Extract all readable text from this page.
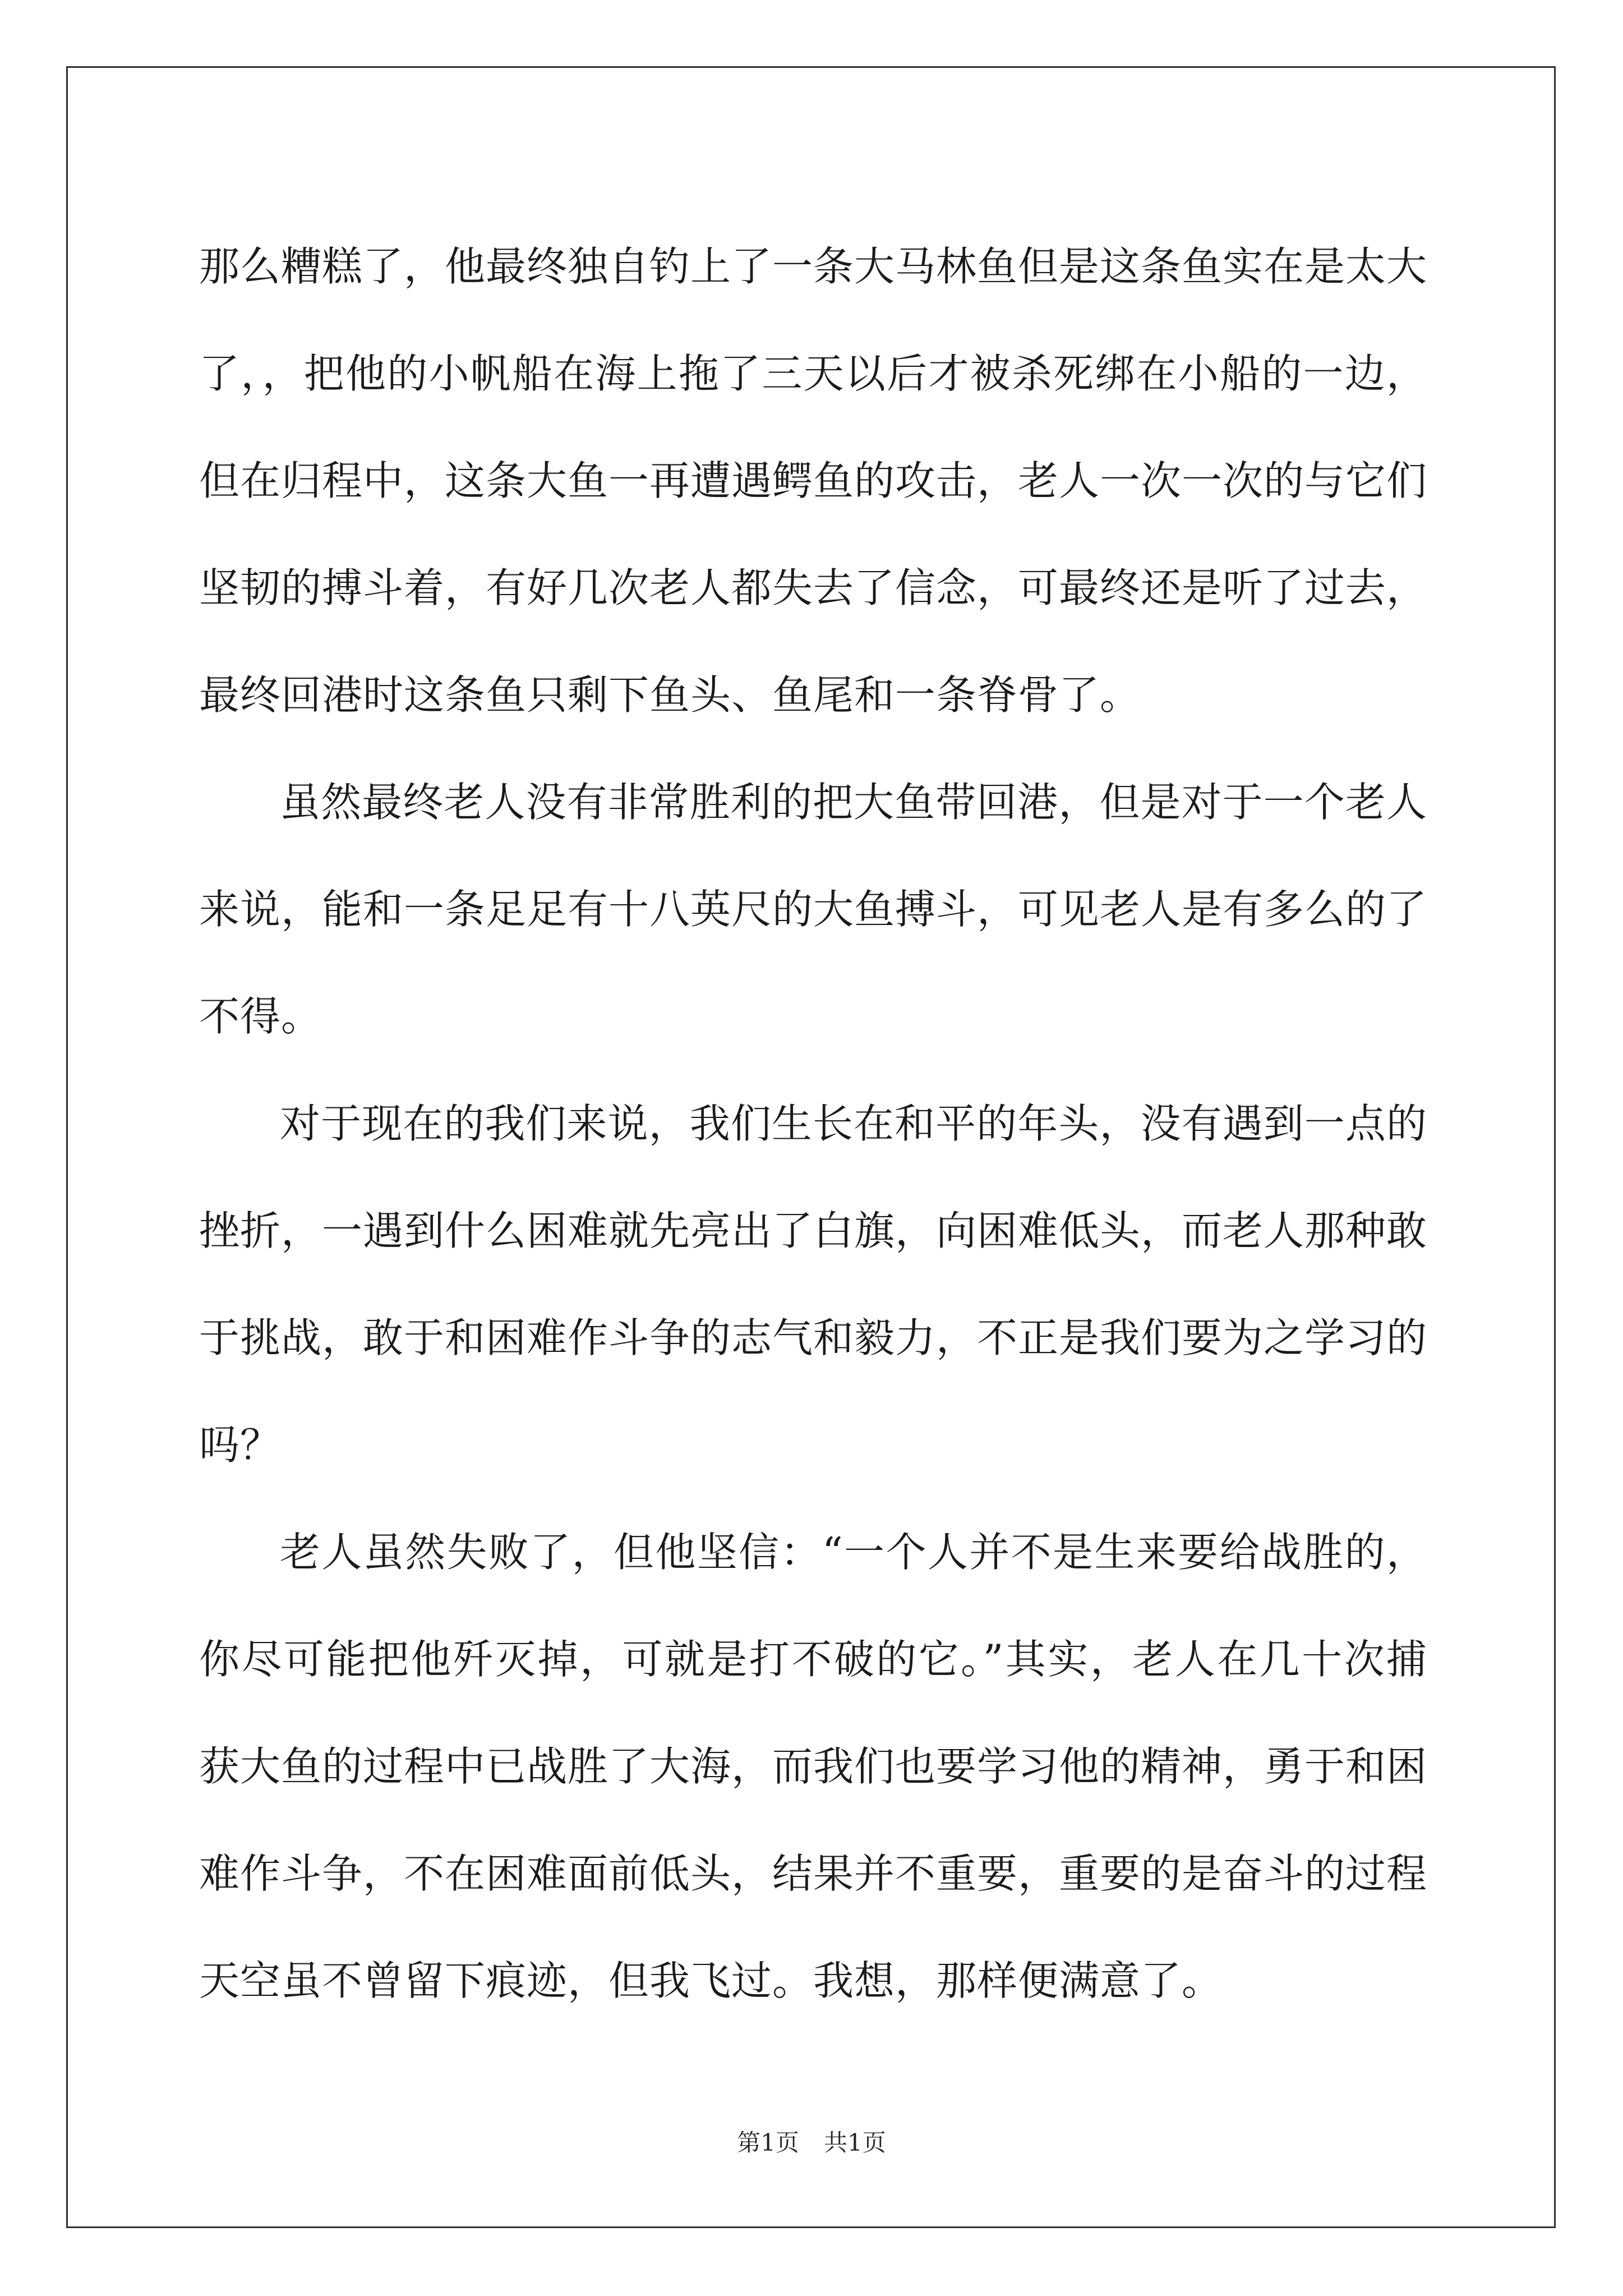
那么糟糕了，他最终独自钓上了一条大马林鱼但是这条鱼实在是太大了，，把他的小帆船在海上拖了三天以后才被杀死绑在小船的一边，但在归程中，这条大鱼一再遭遇鳄鱼的攻击，老人一次一次的与它们坚韧的搏斗着，有好几次老人都失去了信念，可最终还是听了过去，最终回港时这条鱼只剩下鱼头、鱼尾和一条脊骨了。

虽然最终老人没有非常胜利的把大鱼带回港，但是对于一个老人来说，能和一条足足有十八英尺的大鱼搏斗，可见老人是有多么的了不得。

对于现在的我们来说，我们生长在和平的年头，没有遇到一点的挫折，一遇到什么困难就先亮出了白旗，向困难低头，而老人那种敢于挑战，敢于和困难作斗争的志气和毅力，不正是我们要为之学习的吗？

老人虽然失败了，但他坚信：“一个人并不是生来要给战胜的，你尽可能把他歼灭掉，可就是打不破的它。”其实，老人在几十次捕获大鱼的过程中已战胜了大海，而我们也要学习他的精神，勇于和困难作斗争，不在困难面前低头，结果并不重要，重要的是奋斗的过程天空虽不曾留下痕迹，但我飞过。我想，那样便满意了。

第1页 共1页
